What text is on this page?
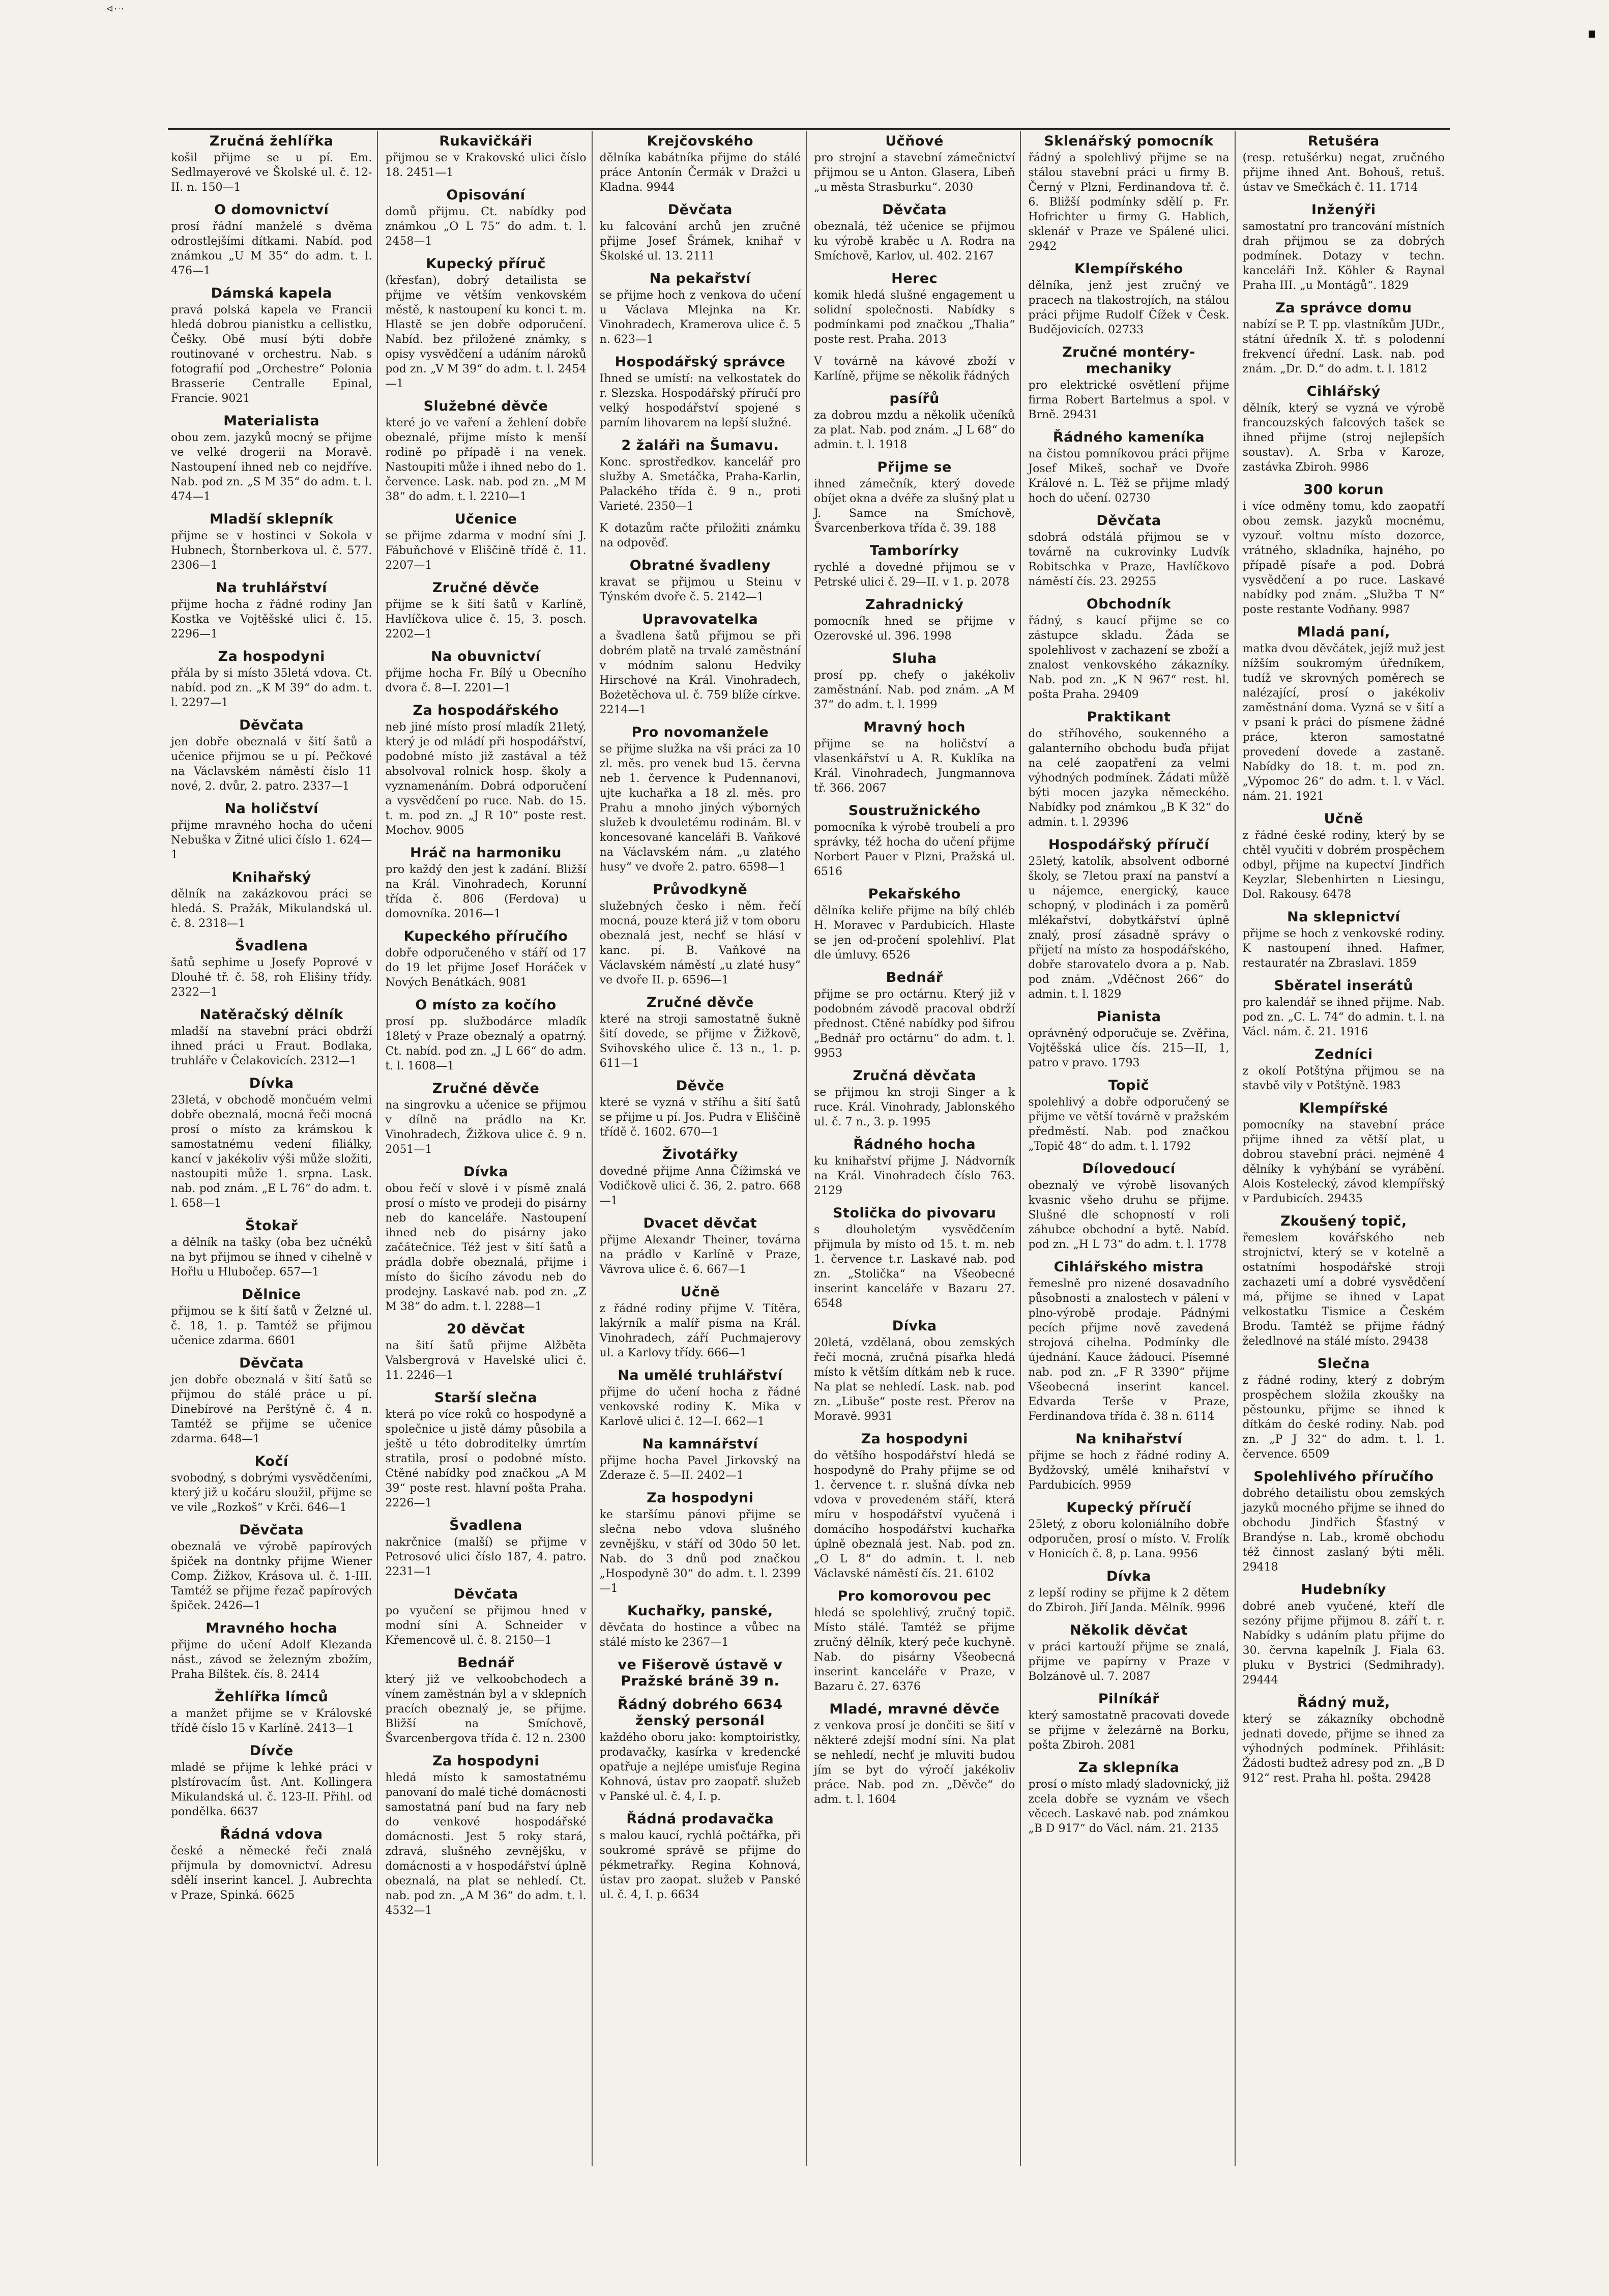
ᐊ·ᐧ·
Zručná žehlířka

košil přijme se u pí. Em. Sedlmayerové ve Školské ul. č. 12-II. n. 150—1

O domovnictví

prosí řádní manželé s dvěma odrostlejšími dítkami. Nabíd. pod známkou „U M 35“ do adm. t. l. 476—1

Dámská kapela

pravá polská kapela ve Francii hledá dobrou pianistku a cellistku, Češky. Obě musí býti dobře routinované v orchestru. Nab. s fotografií pod „Orchestre“ Polonia Brasserie Centralle Epinal, Francie. 9021

Materialista

obou zem. jazyků mocný se přijme ve velké drogerii na Moravě. Nastoupení ihned neb co nejdříve. Nab. pod zn. „S M 35“ do adm. t. l. 474—1

Mladší sklepník

přijme se v hostinci v Sokola v Hubnech, Štornberkova ul. č. 577. 2306—1

Na truhlářství

přijme hocha z řádné rodiny Jan Kostka ve Vojtěšské ulici č. 15. 2296—1

Za hospodyni

přála by si místo 35letá vdova. Ct. nabíd. pod zn. „K M 39“ do adm. t. l. 2297—1

Děvčata

jen dobře obeznalá v šití šatů a učenice přijmou se u pí. Pečkové na Václavském náměstí číslo 11 nové, 2. dvůr, 2. patro. 2337—1

Na holičství

přijme mravného hocha do učení Nebuška v Žitné ulici číslo 1. 624—1

Knihařský

dělník na zakázkovou práci se hledá. S. Pražák, Mikulandská ul. č. 8. 2318—1

Švadlena

šatů sephime u Josefy Poprové v Dlouhé tř. č. 58, roh Elišiny třídy. 2322—1

Natěračský dělník

mladší na stavební práci obdrží ihned práci u Fraut. Bodlaka, truhláře v Čelakovicích. 2312—1

Dívka

23letá, v obchodě mončuém velmi dobře obeznalá, mocná řeči mocná prosí o místo za krámskou k samostatnému vedení filiálky, kancí v jakékoliv výši může složiti, nastoupiti může 1. srpna. Lask. nab. pod znám. „E L 76“ do adm. t. l. 658—1

Štokař

a dělník na tašky (oba bez učnéků na byt přijmou se ihned v cihelně v Hořlu u Hlubočep. 657—1

Dělnice

přijmou se k šití šatů v Želzné ul. č. 18, 1. p. Tamtéž se přijmou učenice zdarma. 6601

Děvčata

jen dobře obeznalá v šití šatů se přijmou do stálé práce u pí. Dinebírové na Perštýně č. 4 n. Tamtéž se přijme se učenice zdarma. 648—1

Kočí

svobodný, s dobrými vysvědčeními, který již u kočáru sloužil, přijme se ve vile „Rozkoš“ v Krči. 646—1

Děvčata

obeznalá ve výrobě papírových špiček na dontnky přijme Wiener Comp. Žižkov, Krásova ul. č. 1-III. Tamtéž se přijme řezač papírových špiček. 2426—1

Mravného hocha

přijme do učení Adolf Klezanda nást., závod se železným zbožím, Praha Bílštek. čís. 8. 2414

Žehlířka límců

a manžet přijme se v Královské třídě číslo 15 v Karlíně. 2413—1

Dívče

mladé se přijme k lehké práci v plstírovacím ůst. Ant. Kollingera Mikulandská ul. č. 123-II. Přihl. od pondělka. 6637

Řádná vdova

české a německé řeči znalá přijmula by domovnictví. Adresu sdělí inserint kancel. J. Aubrechta v Praze, Spinká. 6625

Rukavičkáři

přijmou se v Krakovské ulici číslo 18. 2451—1

Opisování

domů přijmu. Ct. nabídky pod známkou „O L 75“ do adm. t. l. 2458—1

Kupecký příruč

(křesťan), dobrý detailista se přijme ve větším venkovském městě, k nastoupení ku konci t. m. Hlastě se jen dobře odporučení. Nabíd. bez přiložené známky, s opisy vysvědčení a udáním nároků pod zn. „V M 39“ do adm. t. l. 2454—1

Služebné děvče

které jo ve vaření a žehlení dobře obeznalé, přijme místo k menší rodině po případě i na venek. Nastoupiti může i ihned nebo do 1. července. Lask. nab. pod zn. „M M 38“ do adm. t. l. 2210—1

Učenice

se přijme zdarma v modní síni J. Fábuňchové v Eliščině třídě č. 11. 2207—1

Zručné děvče

přijme se k šití šatů v Karlíně, Havlíčkova ulice č. 15, 3. posch. 2202—1

Na obuvnictví

přijme hocha Fr. Bílý u Obecního dvora č. 8—I. 2201—1

Za hospodářského

neb jiné místo prosí mladík 21letý, který je od mládí při hospodářství, podobné místo již zastával a též absolvoval rolnick hosp. školy a vyznamenáním. Dobrá odporučení a vysvědčení po ruce. Nab. do 15. t. m. pod zn. „J R 10“ poste rest. Mochov. 9005

Hráč na harmoniku

pro každý den jest k zadání. Bližší na Král. Vinohradech, Korunní třída č. 806 (Ferdova) u domovníka. 2016—1

Kupeckého příručího

dobře odporučeného v stáří od 17 do 19 let přijme Josef Horáček v Nových Benátkách. 9081

O místo za kočího

prosí pp. službodárce mladík 18letý v Praze obeznalý a opatrný. Ct. nabíd. pod zn. „J L 66“ do adm. t. l. 1608—1

Zručné děvče

na singrovku a učenice se přijmou v dílně na prádlo na Kr. Vinohradech, Žižkova ulice č. 9 n. 2051—1

Dívka

obou řečí v slově i v písmě znalá prosí o místo ve prodeji do pisárny neb do kanceláře. Nastoupení ihned neb do pisárny jako začátečnice. Též jest v šití šatů a prádla dobře obeznalá, přijme i místo do šicího závodu neb do prodejny. Laskavé nab. pod zn. „Z M 38“ do adm. t. l. 2288—1

20 děvčat

na šití šatů přijme Alžběta Valsbergrová v Havelské ulici č. 11. 2246—1

Starší slečna

která po více roků co hospodyně a společnice u jistě dámy působila a ještě u této dobroditelkу úmrtím stratila, prosí o podobné místo. Ctěné nabídky pod značkou „A M 39“ poste rest. hlavní pošta Praha. 2226—1

Švadlena

nakrčnice (malší) se přijme v Petrosové ulici číslo 187, 4. patro. 2231—1

Děvčata

po vyučení se přijmou hned v modní síni A. Schneider v Křemencově ul. č. 8. 2150—1

Bednář

který již ve velkoobchodech a vínem zaměstnán byl a v sklepních pracích obeznalý je, se přijme. Bližší na Smíchově, Švarcenbergova třída č. 12 n. 2300

Za hospodyni

hledá místo k samostatnému panovaní do malé tiché domácnosti samostatná paní bud na fary neb do venkové hospodářské domácnosti. Jest 5 roky stará, zdravá, slušného zevnějšku, v domácnosti a v hospodářství úplně obeznalá, na plat se nehledí. Ct. nab. pod zn. „A M 36“ do adm. t. l. 4532—1

Krejčovského

dělníka kabátníka přijme do stálé práce Antonín Čermák v Dražci u Kladna. 9944

Děvčata

ku falcování archů jen zručné přijme Josef Šrámek, knihař v Školské ul. 13. 2111

Na pekařství

se přijme hoch z venkova do učení u Václava Mlejnka na Kr. Vinohradech, Kramerova ulice č. 5 n. 623—1

Hospodářský správce

Ihned se umístí: na velkostatek do r. Slezska. Hospodářský příručí pro velký hospodářství spojené s parním lihovarem na lepší služné.

2 žaláři na Šumavu.

Konc. sprostředkov. kancelář pro služby A. Smetáčka, Praha-Karlin, Palackého třída č. 9 n., proti Varieté. 2350—1

K dotazům račte přiložiti známku na odpověď.

Obratné švadleny

kravat se přijmou u Steinu v Týnském dvoře č. 5. 2142—1

Upravovatelka

a švadlena šatů přijmou se při dobrém platě na trvalé zaměstnání v módním salonu Hedviky Hirschové na Král. Vinohradech, Bożetěchova ul. č. 759 blíže církve. 2214—1

Pro novomanžele

se přijme služka na vši práci za 10 zl. měs. pro venek bud 15. června neb 1. července k Pudennanovi, ujte kuchařka a 18 zl. měs. pro Prahu a mnoho jiných výborných služeb k dvouletému rodinám. Bl. v koncesované kanceláři B. Vaňkové na Václavském nám. „u zlatého husy“ ve dvoře 2. patro. 6598—1

Průvodkyně

služebných česko i něm. řečí mocná, pouze která již v tom oboru obeznalá jest, nechť se hlásí v kanc. pí. B. Vaňkové na Václavském náměstí „u zlaté husy“ ve dvoře II. p. 6596—1

Zručné děvče

které na stroji samostatně šukně šití dovede, se přijme v Žižkově, Svihovského ulice č. 13 n., 1. p. 611—1

Děvče

které se vyzná v stříhu a šití šatů se přijme u pí. Jos. Pudra v Eliščině třídě č. 1602. 670—1

Životářky

dovedné přijme Anna Čížimská ve Vodičkově ulici č. 36, 2. patro. 668—1

Dvacet děvčat

přijme Alexandr Theiner, továrna na prádlo v Karlíně v Praze, Vávrova ulice č. 6. 667—1

Učně

z řádné rodiny přijme V. Títěra, lakýrník a malíř písma na Král. Vinohradech, září Puchmajerovy ul. a Karlovy třídy. 666—1

Na umělé truhlářství

přijme do učení hocha z řádné venkovské rodiny K. Mika v Karlově ulici č. 12—I. 662—1

Na kamnářství

přijme hocha Pavel Jirkovský na Zderaze č. 5—II. 2402—1

Za hospodyni

ke staršímu pánovi přijme se slečna nebo vdova slušného zevnějšku, v stáří od 30do 50 let. Nab. do 3 dnů pod značkou „Hospodyně 30“ do adm. t. l. 2399—1

Kuchařky, panské,

děvčata do hostince a vůbec na stálé místo ke 2367—1

ve Fišerově ústavě v Pražské bráně 39 n.
Řádný dobrého 6634 ženský personál

každého oboru jako: komptoiristky, prodavačky, kasírka v kredencké opatřuje a nejlépe umisťuje Regina Kohnová, ústav pro zaopatř. služeb v Panské ul. č. 4, I. p.

Řádná prodavačka

s malou kaucí, rychlá počtářka, při soukromé správě se přijme do pékmetrařky. Regina Kohnová, ústav pro zaopat. služeb v Panské ul. č. 4, I. p. 6634

Učňové

pro strojní a stavební zámečnictví přijmou se u Anton. Glasera, Libeň „u města Strasburku“. 2030

Děvčata

obeznalá, též učenice se přijmou ku výrobě kraběc u A. Rodra na Smíchově, Karlov, ul. 402. 2167

Herec

komik hledá slušné engagement u solidní společnosti. Nabídky s podmínkami pod značkou „Thalia“ poste rest. Praha. 2013

V továrně na kávové zboží v Karlíně, přijme se několik řádných

pasířů

za dobrou mzdu a několik učeníků za plat. Nab. pod znám. „J L 68“ do admin. t. l. 1918

Přijme se

ihned zámečník, který dovede obíjet okna a dvéře za slušný plat u J. Samce na Smíchově, Švarcenberkova třída č. 39. 188

Tamborírky

rychlé a dovedné přijmou se v Petrské ulici č. 29—II. v 1. p. 2078

Zahradnický

pomocník hned se přijme v Ozerovské ul. 396. 1998

Sluha

prosí pp. chefy o jakékoliv zaměstnání. Nab. pod znám. „A M 37“ do adm. t. l. 1999

Mravný hoch

přijme se na holičství a vlasenkářství u A. R. Kuklíka na Král. Vinohradech, Jungmannova tř. 366. 2067

Soustružnického

pomocníka k výrobě troubelí a pro správky, též hocha do učení přijme Norbert Pauer v Plzni, Pražská ul. 6516

Pekařského

dělníka keliře přijme na bílý chléb H. Moravec v Pardubicích. Hlaste se jen od-pročení spolehliví. Plat dle úmluvy. 6526

Bednář

přijme se pro octárnu. Který již v podobném závodě pracoval obdrží přednost. Ctěné nabídky pod šifrou „Bednář pro octárnu“ do adm. t. l. 9953

Zručná děvčata

se přijmou kn stroji Singer a k ruce. Král. Vinohrady, Jablonského ul. č. 7 n., 3. p. 1995

Řádného hocha

ku knihařství přijme J. Nádvorník na Král. Vinohradech číslo 763. 2129

Stolička do pivovaru

s dlouholetým vysvědčením přijmula by místo od 15. t. m. neb 1. července t.r. Laskavé nab. pod zn. „Stolička“ na Všeobecné inserint kanceláře v Bazaru 27. 6548

Dívka

20letá, vzdělaná, obou zemských řečí mocná, zručná písařka hledá místo k větším dítkám neb k ruce. Na plat se nehledí. Lask. nab. pod zn. „Libuše“ poste rest. Přerov na Moravě. 9931

Za hospodyni

do většího hospodářství hledá se hospodyně do Prahy přijme se od 1. července t. r. slušná dívka neb vdova v provedeném stáří, která míru v hospodářství vyučená i domácího hospodářství kuchařka úplně obeznalá jest. Nab. pod zn. „O L 8“ do admin. t. l. neb Václavské náměstí čís. 21. 6102

Pro komorovou pec

hledá se spolehlivý, zručný topič. Místo stálé. Tamtéž se přijme zručný dělník, který peče kuchyně. Nab. do pisárny Všeobecná inserint kanceláře v Praze, v Bazaru č. 27. 6376

Mladé, mravné děvče

z venkova prosí je dončiti se šití v některé zdejší modní síni. Na plat se nehledí, nechť je mluviti budou jím se byt do výročí jakékoliv práce. Nab. pod zn. „Děvče“ do adm. t. l. 1604

Sklenářský pomocník

řádný a spolehlivý přijme se na stálou stavební práci u firmy B. Černý v Plzni, Ferdinandova tř. č. 6. Bližší podmínky sdělí p. Fr. Hofrichter u firmy G. Hablich, sklenář v Praze ve Spálené ulici. 2942

Klempířského

dělníka, jenž jest zručný ve pracech na tlakostrojích, na stálou práci přijme Rudolf Čížek v Česk. Budějovicích. 02733

Zručné montéry-mechaniky

pro elektrické osvětlení přijme firma Robert Bartelmus a spol. v Brně. 29431

Řádného kameníka

na čistou pomníkovou práci přijme Josef Mikeš, sochař ve Dvoře Králové n. L. Též se přijme mladý hoch do učení. 02730

Děvčata

sdobrá odstálá přijmou se v továrně na cukrovinky Ludvík Robitschka v Praze, Havlíčkovo náměstí čís. 23. 29255

Obchodník

řádný, s kaucí přijme se co zástupce skladu. Žáda se spolehlivost v zachazení se zboží a znalost venkovského zákazníky. Nab. pod zn. „K N 967“ rest. hl. pošta Praha. 29409

Praktikant

do stříhového, soukenného a galanterního obchodu buďa přijat na celé zaopatření za velmi výhodných podmínek. Žádati můžě býti mocen jazyka německého. Nabídky pod známkou „B K 32“ do admin. t. l. 29396

Hospodářský příručí

25letý, katolík, absolvent odborné školy, se 7letou praxí na panství a u nájemce, energický, kauce schopný, v plodinách i za poměrů mlékařství, dobytkářství úplně znalý, prosí zásadně správy o přijetí na místo za hospodářského, dobře starovatelo dvora a p. Nab. pod znám. „Vděčnost 266“ do admin. t. l. 1829

Pianista

oprávněný odporučuje se. Zvěřina, Vojtěšská ulice čís. 215—II, 1, patro v pravo. 1793

Topič

spolehlivý a dobře odporučený se přijme ve větší továrně v pražském předměstí. Nab. pod značkou „Topič 48“ do adm. t. l. 1792

Dílovedoucí

obeznalý ve výrobě lisovaných kvasnic všeho druhu se přijme. Slušné dle schopností v roli záhubce obchodní a bytě. Nabíd. pod zn. „H L 73“ do adm. t. l. 1778

Cihlářského mistra

řemeslně pro nizené dosavadního působnosti a znalostech v pálení v plno-výrobě prodaje. Pádnými pecích přijme nově zavedená strojová cihelna. Podmínky dle újednání. Kauce žádoucí. Písemné nab. pod zn. „F R 3390“ přijme Všeobecná inserint kancel. Edvarda Terše v Praze, Ferdinandova třída č. 38 n. 6114

Na knihařství

přijme se hoch z řádné rodiny A. Bydžovský, umělé knihařství v Pardubicích. 9959

Kupecký příručí

25letý, z oboru koloniálního dobře odporučen, prosí o místo. V. Frolík v Honicích č. 8, p. Lana. 9956

Dívka

z lepší rodiny se přijme k 2 dětem do Zbiroh. Jiří Janda. Mělník. 9996

Několik děvčat

v práci kartouží přijme se znalá, přijme ve papírny v Praze v Bolzánově ul. 7. 2087

Pilníkář

který samostatně pracovati dovede se přijme v železárně na Borku, pošta Zbiroh. 2081

Za sklepníka

prosí o místo mladý sladovnický, již zcela dobře se vyznám ve všech věcech. Laskavé nab. pod známkou „B D 917“ do Václ. nám. 21. 2135

Retušéra

(resp. retušérku) negat, zručného přijme ihned Ant. Bohouš, retuš. ústav ve Smečkách č. 11. 1714

Inženýři

samostatní pro trancování místních drah přijmou se za dobrých podmínek. Dotazy v techn. kanceláři Inž. Köhler & Raynal Praha III. „u Montágů“. 1829

Za správce domu

nabízí se P. T. pp. vlastníkům JUDr., státní úředník X. tř. s polodenní frekvencí úřední. Lask. nab. pod znám. „Dr. D.“ do adm. t. l. 1812

Cihlářský

dělník, který se vyzná ve výrobě francouzských falcových tašek se ihned přijme (stroj nejlepších soustav). A. Srba v Karoze, zastávka Zbiroh. 9986

300 korun

i více odměny tomu, kdo zaopatří obou zemsk. jazyků mocnému, vyzouř. voltnu místo dozorce, vrátného, skladníka, hajného, po případě písaře a pod. Dobrá vysvědčení a po ruce. Laskavé nabídky pod znám. „Služba T N“ poste restante Vodňany. 9987

Mladá paní,

matka dvou děvčátek, jejíž muž jest nížším soukromým úředníkem, tudíž ve skrovných poměrech se nalézající, prosí o jakékoliv zaměstnání doma. Vyzná se v šití a v psaní k práci do písmene žádné práce, kteron samostatné provedení dovede a zastaně. Nabídky do 18. t. m. pod zn. „Výpomoc 26“ do adm. t. l. v Václ. nám. 21. 1921

Učně

z řádné české rodiny, který by se chtěl vyučiti v dobrém prospěchem odbyl, přijme na kupectví Jindřich Keyzlar, Slebenhirten n Liesingu, Dol. Rakousy. 6478

Na sklepnictví

přijme se hoch z venkovské rodiny. K nastoupení ihned. Hafmer, restauratér na Zbraslavi. 1859

Sběratel inserátů

pro kalendář se ihned přijme. Nab. pod zn. „C. L. 74“ do admin. t. l. na Václ. nám. č. 21. 1916

Zedníci

z okolí Potštýna přijmou se na stavbě vily v Potštýně. 1983

Klempířské

pomocníky na stavební práce přijme ihned za větší plat, u dobrou stavební práci. nejméně 4 dělníky k vyhýbání se vyrábění. Alois Kostelecký, závod klempířský v Pardubicích. 29435

Zkoušený topič,

řemeslem kovářského neb strojnictví, který se v kotelně a ostatními hospodářské stroji zachazeti umí a dobré vysvědčení má, přijme se ihned v Lapat velkostatku Tismice a Českém Brodu. Tamtéž se přijme řádný želedlnové na stálé místo. 29438

Slečna

z řádné rodiny, který z dobrým prospěchem složila zkoušky na pěstounku, přijme se ihned k dítkám do české rodiny. Nab. pod zn. „P J 32“ do adm. t. l. 1. července. 6509

Spolehlivého příručího

dobrého detailistu obou zemských jazyků mocného přijme se ihned do obchodu Jindřich Šťastný v Brandýse n. Lab., kromě obchodu též činnost zaslaný býti měli. 29418

Hudebníky

dobré aneb vyučené, kteří dle sezóny přijme přijmou 8. září t. r. Nabídky s udáním platu přijme do 30. června kapelník J. Fiala 63. pluku v Bystrici (Sedmihrady). 29444

Řádný muž,

který se zákazníky obchodně jednati dovede, přijme se ihned za výhodných podmínek. Přihlásit: Žádosti budtež adresy pod zn. „B D 912“ rest. Praha hl. pošta. 29428
